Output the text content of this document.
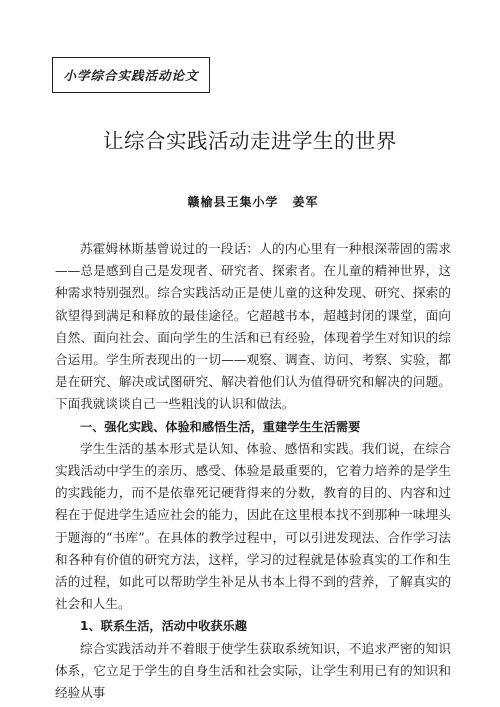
小学综合实践活动论文
让综合实践活动走进学生的世界
赣榆县王集小学 姜军

苏霍姆林斯基曾说过的一段话：人的内心里有一种根深蒂固的需求——总是感到自己是发现者、研究者、探索者。在儿童的精神世界，这种需求特别强烈。综合实践活动正是使儿童的这种发现、研究、探索的欲望得到满足和释放的最佳途径。它超越书本，超越封闭的课堂，面向自然、面向社会、面向学生的生活和已有经验，体现着学生对知识的综合运用。学生所表现出的一切——观察、调查、访问、考察、实验，都是在研究、解决或试图研究、解决着他们认为值得研究和解决的问题。下面我就谈谈自己一些粗浅的认识和做法。

一、强化实践、体验和感悟生活，重建学生生活需要

学生生活的基本形式是认知、体验、感悟和实践。我们说，在综合实践活动中学生的亲历、感受、体验是最重要的，它着力培养的是学生的实践能力，而不是依靠死记硬背得来的分数，教育的目的、内容和过程在于促进学生适应社会的能力，因此在这里根本找不到那种一味埋头于题海的“书库”。在具体的教学过程中，可以引进发现法、合作学习法和各种有价值的研究方法，这样，学习的过程就是体验真实的工作和生活的过程，如此可以帮助学生补足从书本上得不到的营养，了解真实的社会和人生。

1、联系生活，活动中收获乐趣

综合实践活动并不着眼于使学生获取系统知识，不追求严密的知识体系，它立足于学生的自身生活和社会实际，让学生利用已有的知识和经验从事
